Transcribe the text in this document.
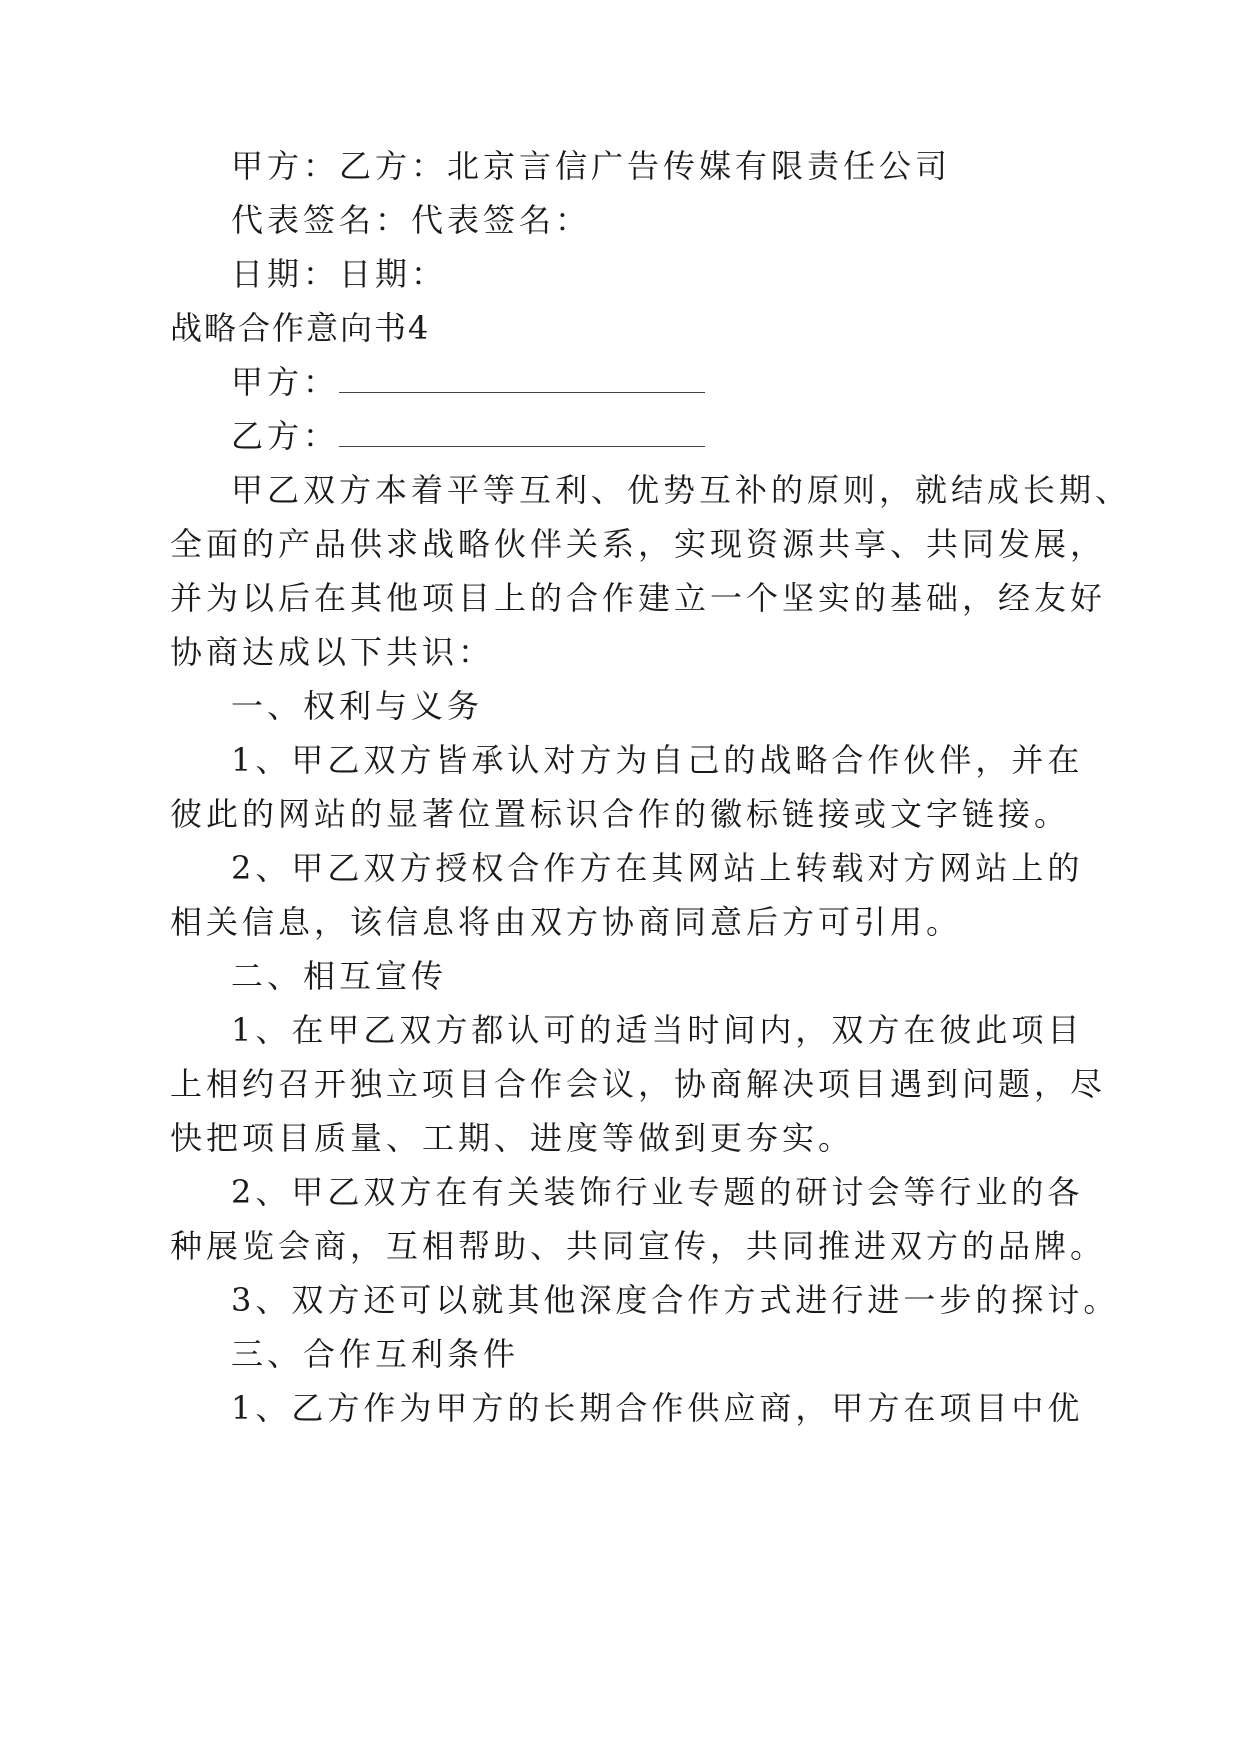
甲方：乙方：北京言信广告传媒有限责任公司
代表签名：代表签名：
日期：日期：
战略合作意向书4
甲方：
乙方：
甲乙双方本着平等互利、优势互补的原则，就结成长期、
全面的产品供求战略伙伴关系，实现资源共享、共同发展，
并为以后在其他项目上的合作建立一个坚实的基础，经友好
协商达成以下共识：
一、权利与义务
1、甲乙双方皆承认对方为自己的战略合作伙伴，并在
彼此的网站的显著位置标识合作的徽标链接或文字链接。
2、甲乙双方授权合作方在其网站上转载对方网站上的
相关信息，该信息将由双方协商同意后方可引用。
二、相互宣传
1、在甲乙双方都认可的适当时间内，双方在彼此项目
上相约召开独立项目合作会议，协商解决项目遇到问题，尽
快把项目质量、工期、进度等做到更夯实。
2、甲乙双方在有关装饰行业专题的研讨会等行业的各
种展览会商，互相帮助、共同宣传，共同推进双方的品牌。
3、双方还可以就其他深度合作方式进行进一步的探讨。
三、合作互利条件
1、乙方作为甲方的长期合作供应商，甲方在项目中优
